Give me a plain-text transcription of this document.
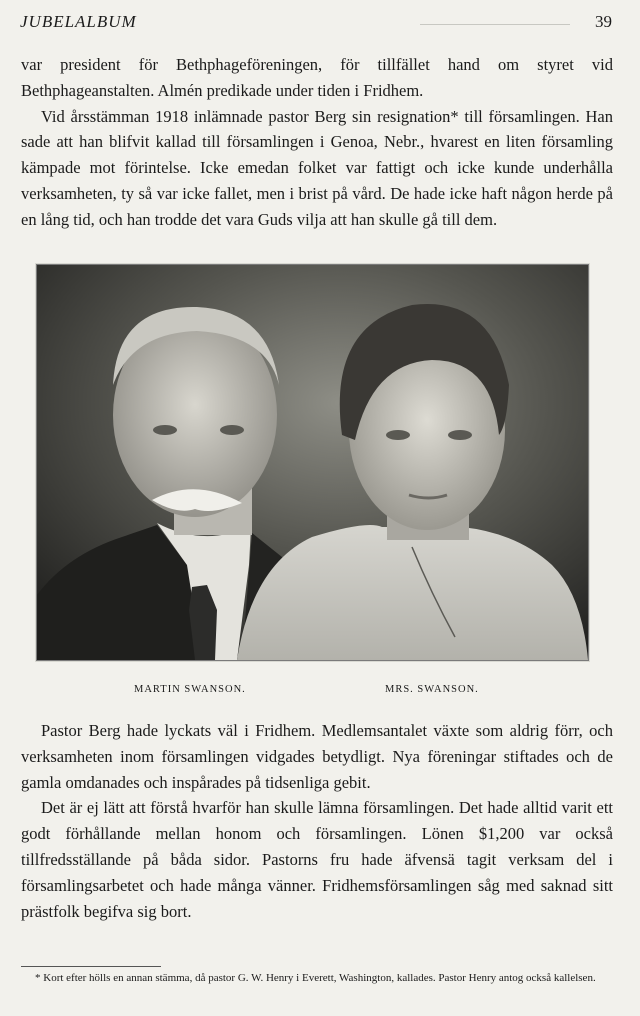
JUBELALBUM	39

var president för Bethphageföreningen, för tillfället hand om styret vid Bethphageanstalten. Almén predikade under tiden i Fridhem.

Vid årsstämman 1918 inlämnade pastor Berg sin resignation* till församlingen. Han sade att han blifvit kallad till församlingen i Genoa, Nebr., hvarest en liten församling kämpade mot förintelse. Icke emedan folket var fattigt och icke kunde underhålla verksamheten, ty så var icke fallet, men i brist på vård. De hade icke haft någon herde på en lång tid, och han trodde det vara Guds vilja att han skulle gå till dem.

MARTIN SWANSON.	MRS. SWANSON.

Pastor Berg hade lyckats väl i Fridhem. Medlemsantalet växte som aldrig förr, och verksamheten inom församlingen vidgades betydligt. Nya föreningar stiftades och de gamla omdanades och inspårades på tidsenliga gebit.

Det är ej lätt att förstå hvarför han skulle lämna församlingen. Det hade alltid varit ett godt förhållande mellan honom och församlingen. Lönen $1,200 var också tillfredsställande på båda sidor. Pastorns fru hade äfvensä tagit verksam del i församlingsarbetet och hade många vänner. Fridhemsförsamlingen såg med saknad sitt prästfolk begifva sig bort.

* Kort efter hölls en annan stämma, då pastor G. W. Henry i Everett, Washington, kallades. Pastor Henry antog också kallelsen.
